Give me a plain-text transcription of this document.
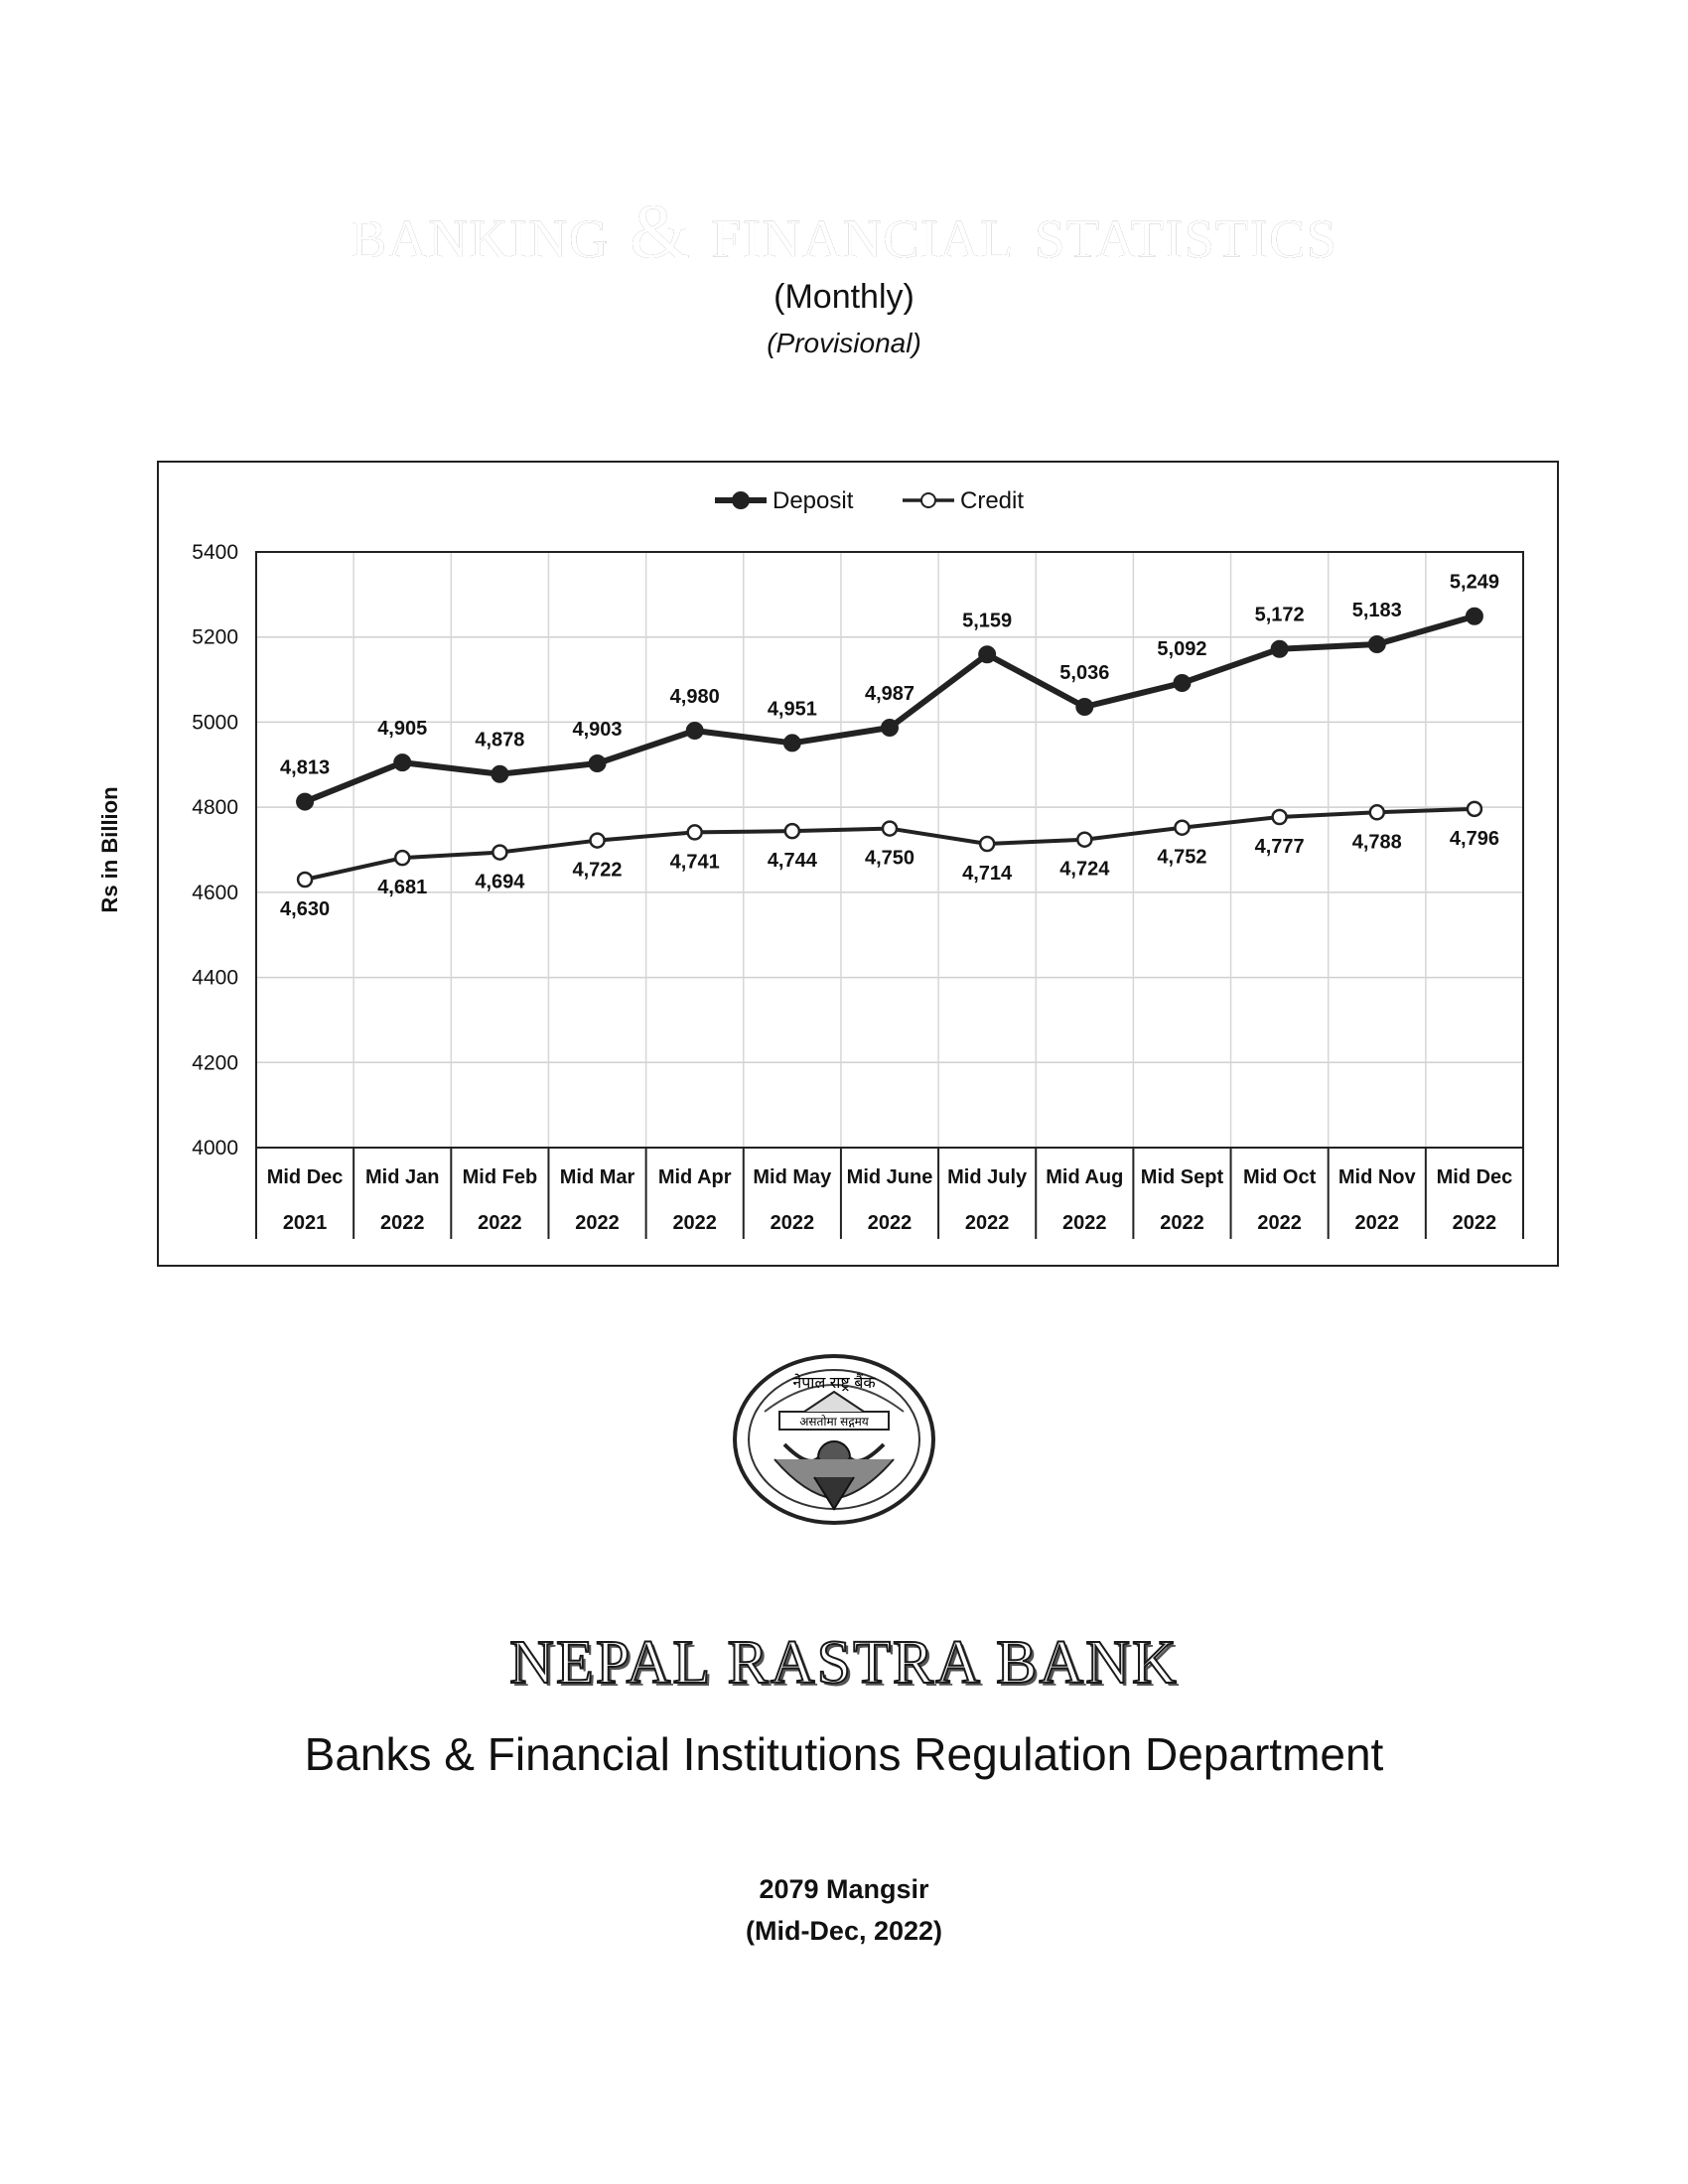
banking & financial statistics
(Monthly)
(Provisional)
4000
4200
4400
4600
4800
5000
5200
5400
Mid Dec
2021
Mid Jan
2022
Mid Feb
2022
Mid Mar
2022
Mid Apr
2022
Mid May
2022
Mid June
2022
Mid July
2022
Mid Aug
2022
Mid Sept
2022
Mid Oct
2022
Mid Nov
2022
Mid Dec
2022
Rs in Billion
4,813
4,905
4,878 4,903
4,980
4,951
4,987
5,159
5,036
5,092
5,172 5,183
5,249
4,630
4,681 4,694
4,722 4,741 4,744 4,750
4,714 4,724
4,752 4,777 4,788 4,796
Deposit	Credit
नेपाल राष्ट्र बैंक
असतोमा सद्गमय
NEPAL RASTRA BANK
Banks & Financial Institutions Regulation Department
2079 Mangsir
(Mid-Dec, 2022)
